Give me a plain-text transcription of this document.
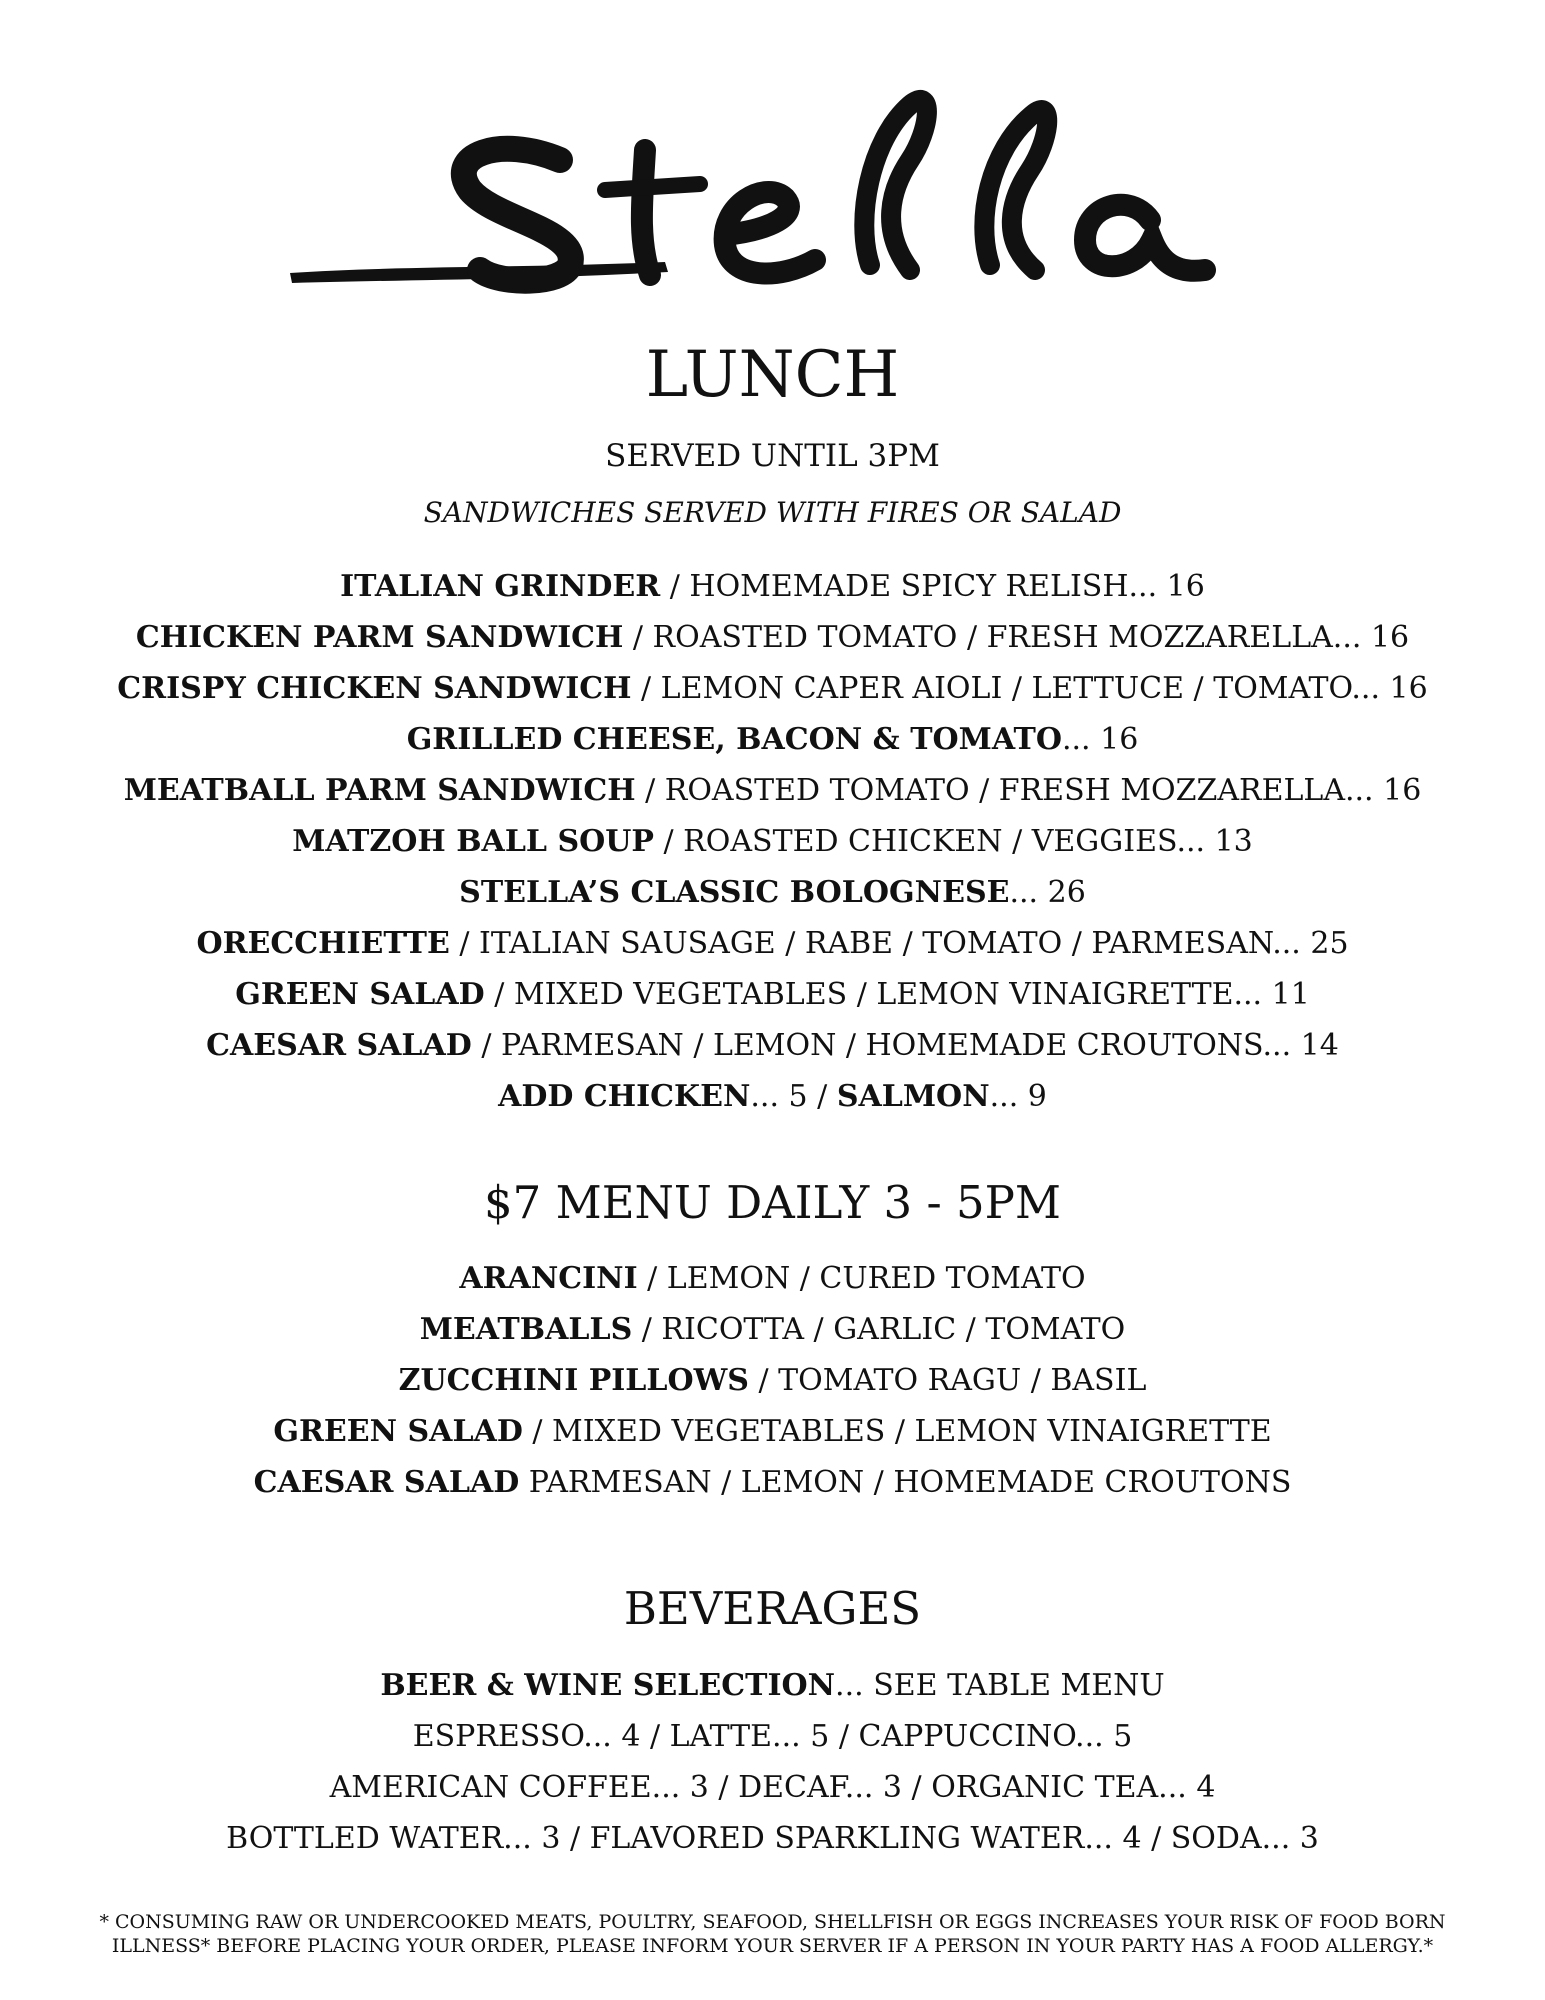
LUNCH
SERVED UNTIL 3PM
SANDWICHES SERVED WITH FIRES OR SALAD
ITALIAN GRINDER / HOMEMADE SPICY RELISH... 16
CHICKEN PARM SANDWICH / ROASTED TOMATO / FRESH MOZZARELLA... 16
CRISPY CHICKEN SANDWICH / LEMON CAPER AIOLI / LETTUCE / TOMATO... 16
GRILLED CHEESE, BACON & TOMATO... 16
MEATBALL PARM SANDWICH / ROASTED TOMATO / FRESH MOZZARELLA... 16
MATZOH BALL SOUP / ROASTED CHICKEN / VEGGIES... 13
STELLA’S CLASSIC BOLOGNESE... 26
ORECCHIETTE / ITALIAN SAUSAGE / RABE / TOMATO / PARMESAN... 25
GREEN SALAD / MIXED VEGETABLES / LEMON VINAIGRETTE... 11
CAESAR SALAD / PARMESAN / LEMON / HOMEMADE CROUTONS... 14
ADD CHICKEN... 5 / SALMON... 9
$7 MENU DAILY 3 - 5PM
ARANCINI / LEMON / CURED TOMATO
MEATBALLS / RICOTTA / GARLIC / TOMATO
ZUCCHINI PILLOWS / TOMATO RAGU / BASIL
GREEN SALAD / MIXED VEGETABLES / LEMON VINAIGRETTE
CAESAR SALAD PARMESAN / LEMON / HOMEMADE CROUTONS
BEVERAGES
BEER & WINE SELECTION... SEE TABLE MENU
ESPRESSO... 4 / LATTE... 5 / CAPPUCCINO... 5
AMERICAN COFFEE... 3 / DECAF... 3 / ORGANIC TEA... 4
BOTTLED WATER... 3 / FLAVORED SPARKLING WATER... 4 / SODA... 3
* CONSUMING RAW OR UNDERCOOKED MEATS, POULTRY, SEAFOOD, SHELLFISH OR EGGS INCREASES YOUR RISK OF FOOD BORN
ILLNESS* BEFORE PLACING YOUR ORDER, PLEASE INFORM YOUR SERVER IF A PERSON IN YOUR PARTY HAS A FOOD ALLERGY.*
